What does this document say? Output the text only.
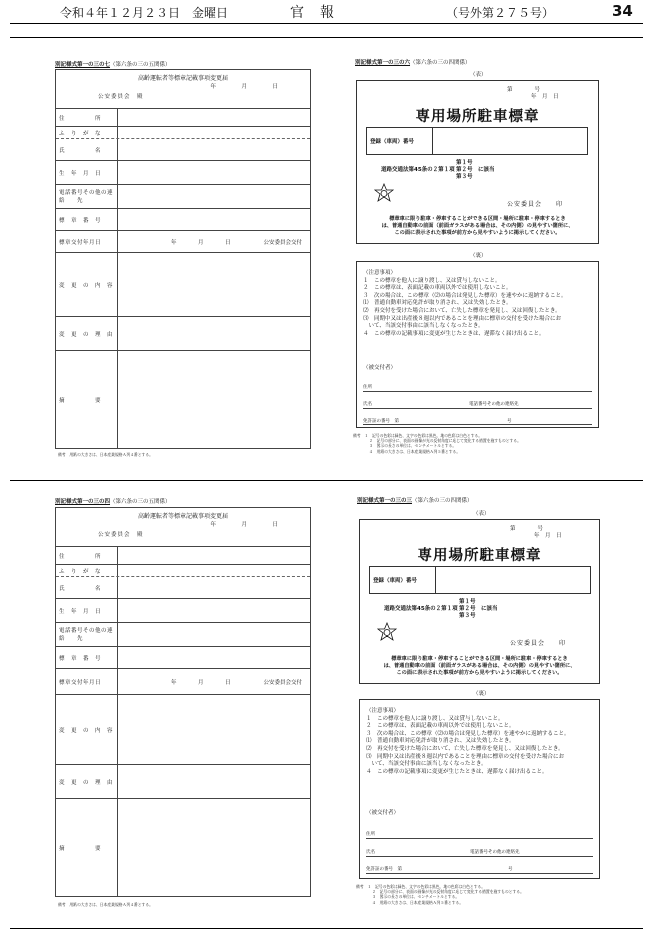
令和４年１２月２３日　金曜日	官報	（号外第２７５号）	34
別記様式第一の三の七（第六条の三の五関係）
高齢運転者等標章記載事項変更届
年　月　日
公安委員会　殿
住　　　　　所
ふ　り　が　な
氏　　　　　名
生　年　月　日
電話番号その他の連　　絡　　先
標　章　番　号
標章交付年月日	年　月　日	公安委員会交付
変　更　の　内　容
変　更　の　理　由
摘　　　　　要
備考　用紙の大きさは、日本産業規格Ａ列４番とする。
別記様式第一の三の四（第六条の三の五関係）
高齢運転者等標章記載事項変更届
年　月　日
公安委員会　殿
住　　　　　所
ふ　り　が　な
氏　　　　　名
生　年　月　日
電話番号その他の連　　絡　　先
標　章　番　号
標章交付年月日	年　月　日	公安委員会交付
変　更　の　内　容
変　更　の　理　由
摘　　　　　要
備考　用紙の大きさは、日本産業規格Ａ列４番とする。
別記様式第一の三の六（第六条の三の四関係）
（表）
第　　　　号
年　月　日
専用場所駐車標章
登録（車両）番号
第１号
道路交通法第45条の２第１項 第２号　に該当
第３号
公安委員会　　印
標章車に限り駐車・停車することができる区間・場所に駐車・停車するとき
は、普通自動車の前面（前面ガラスがある場合は、その内側）の見やすい箇所に、
この面に表示された事項が前方から見やすいように掲示してください。
（裏）
（注意事項）
１　この標章を他人に譲り渡し、又は貸与しないこと。
２　この標章は、表面記載の車両以外では使用しないこと。
３　次の場合は、この標章（⑵の場合は発見した標章）を速やかに返納すること。
⑴　普通自動車対応免許が取り消され、又は失効したとき。
⑵　再交付を受けた場合において、亡失した標章を発見し、又は回復したとき。
⑶　同期中又は出産後８週以内であることを理由に標章の交付を受けた場合にお
　いて、当該交付事由に該当しなくなったとき。
４　この標章の記載事項に変更が生じたときは、遅滞なく届け出ること。
（被交付者）
住所
氏名	電話番号その他の連絡先
免許証の番号　第	号
備考　１　記号の色彩は緑色、文字の色彩は黒色、地の色彩は白色とする。
２　記号の部分に、表面の画像が光の反射角度に応じて変化する措置を施すものとする。
３　図示の長さの単位は、センチメートルとする。
４　用紙の大きさは、日本産業規格Ａ列５番とする。
別記様式第一の三の三（第六条の三の四関係）
（表）
第　　　　号
年　月　日
専用場所駐車標章
登録（車両）番号
第１号
道路交通法第45条の２第１項 第２号　に該当
第３号
公安委員会　　印
標章車に限り駐車・停車することができる区間・場所に駐車・停車するとき
は、普通自動車の前面（前面ガラスがある場合は、その内側）の見やすい箇所に、
この面に表示された事項が前方から見やすいように掲示してください。
（裏）
（注意事項）
１　この標章を他人に譲り渡し、又は貸与しないこと。
２　この標章は、表面記載の車両以外では使用しないこと。
３　次の場合は、この標章（⑵の場合は発見した標章）を速やかに返納すること。
⑴　普通自動車対応免許が取り消され、又は失効したとき。
⑵　再交付を受けた場合において、亡失した標章を発見し、又は回復したとき。
⑶　同期中又は出産後８週以内であることを理由に標章の交付を受けた場合にお
　いて、当該交付事由に該当しなくなったとき。
４　この標章の記載事項に変更が生じたときは、遅滞なく届け出ること。
（被交付者）
住所
氏名	電話番号その他の連絡先
免許証の番号　第	号
備考　１　記号の色彩は緑色、文字の色彩は黒色、地の色彩は白色とする。
２　記号の部分に、表面の画像が光の反射角度に応じて変化する措置を施すものとする。
３　図示の長さの単位は、センチメートルとする。
４　用紙の大きさは、日本産業規格Ａ列５番とする。
